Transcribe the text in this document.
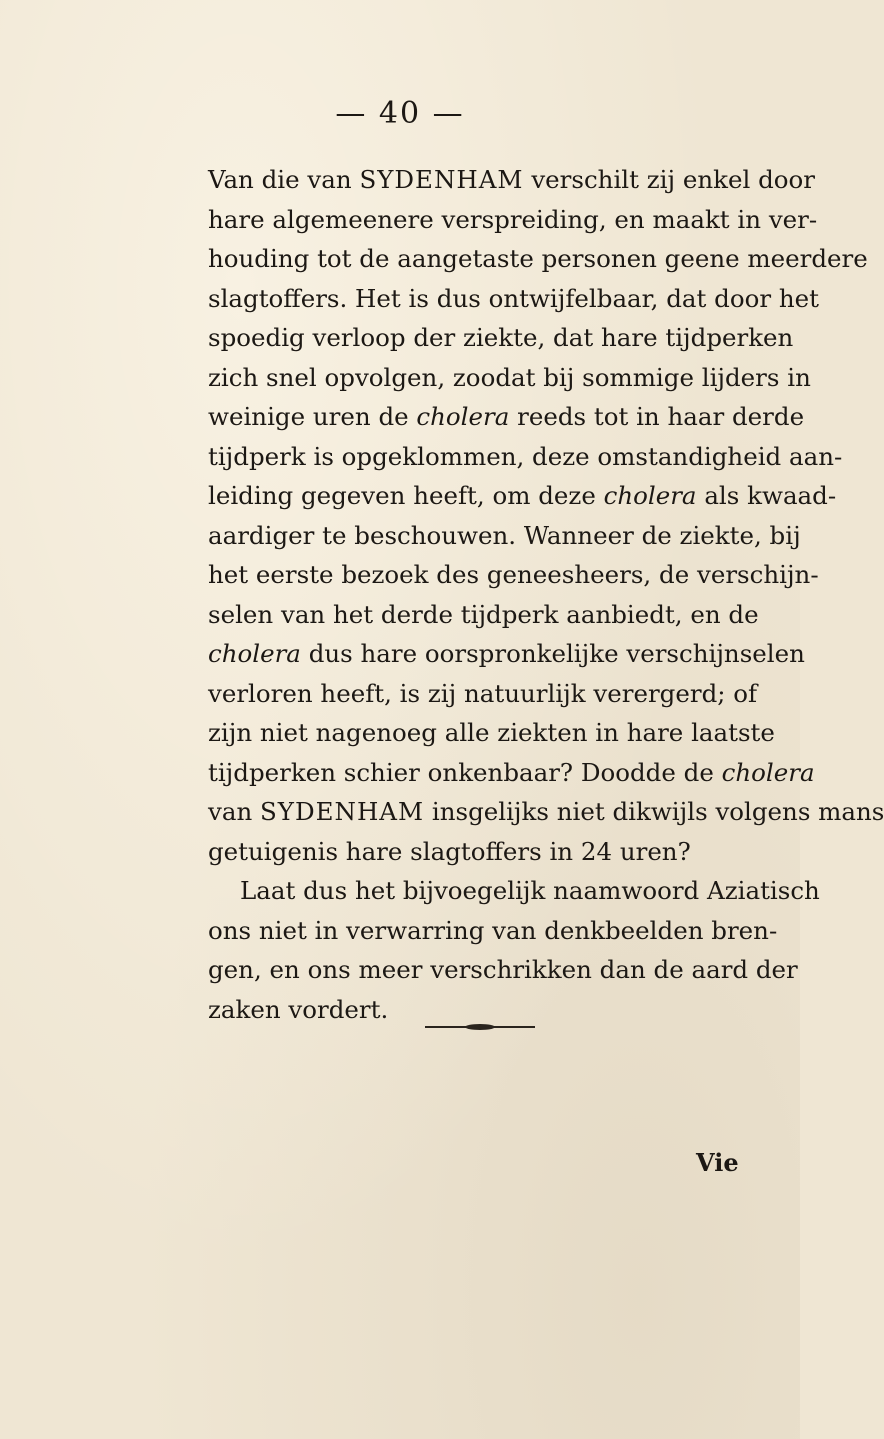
— 40 —
Van die van SYDENHAM verschilt zij enkel door
hare algemeenere verspreiding, en maakt in ver-
houding tot de aangetaste personen geene meerdere
slagtoffers. Het is dus ontwijfelbaar, dat door het
spoedig verloop der ziekte, dat hare tijdperken
zich snel opvolgen, zoodat bij sommige lijders in
weinige uren de cholera reeds tot in haar derde
tijdperk is opgeklommen, deze omstandigheid aan-
leiding gegeven heeft, om deze cholera als kwaad-
aardiger te beschouwen. Wanneer de ziekte, bij
het eerste bezoek des geneesheers, de verschijn-
selen van het derde tijdperk aanbiedt, en de
cholera dus hare oorspronkelijke verschijnselen
verloren heeft, is zij natuurlijk verergerd; of
zijn niet nagenoeg alle ziekten in hare laatste
tijdperken schier onkenbaar? Doodde de cholera
van SYDENHAM insgelijks niet dikwijls volgens mans
getuigenis hare slagtoffers in 24 uren?
Laat dus het bijvoegelijk naamwoord Aziatisch
ons niet in verwarring van denkbeelden bren-
gen, en ons meer verschrikken dan de aard der
zaken vordert.
Vie
